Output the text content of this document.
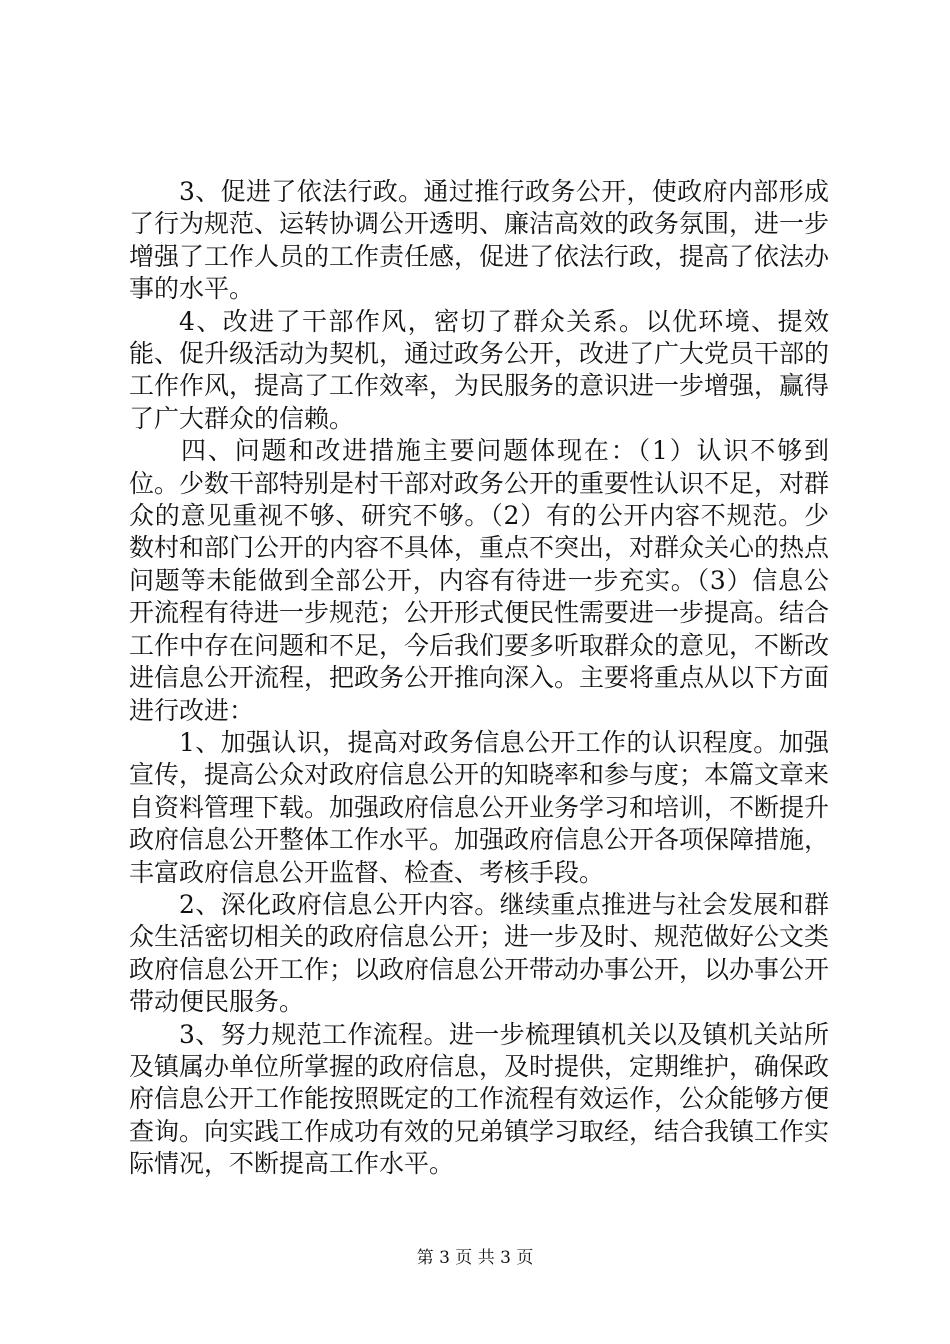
3、促进了依法行政。通过推行政务公开，使政府内部形成了行为规范、运转协调公开透明、廉洁高效的政务氛围，进一步增强了工作人员的工作责任感，促进了依法行政，提高了依法办事的水平。

4、改进了干部作风，密切了群众关系。以优环境、提效能、促升级活动为契机，通过政务公开，改进了广大党员干部的工作作风，提高了工作效率，为民服务的意识进一步增强，赢得了广大群众的信赖。

四、问题和改进措施主要问题体现在：（1）认识不够到位。少数干部特别是村干部对政务公开的重要性认识不足，对群众的意见重视不够、研究不够。（2）有的公开内容不规范。少数村和部门公开的内容不具体，重点不突出，对群众关心的热点问题等未能做到全部公开，内容有待进一步充实。（3）信息公开流程有待进一步规范；公开形式便民性需要进一步提高。结合工作中存在问题和不足，今后我们要多听取群众的意见，不断改进信息公开流程，把政务公开推向深入。主要将重点从以下方面进行改进：

1、加强认识，提高对政务信息公开工作的认识程度。加强宣传，提高公众对政府信息公开的知晓率和参与度；本篇文章来自资料管理下载。加强政府信息公开业务学习和培训，不断提升政府信息公开整体工作水平。加强政府信息公开各项保障措施，丰富政府信息公开监督、检查、考核手段。

2、深化政府信息公开内容。继续重点推进与社会发展和群众生活密切相关的政府信息公开；进一步及时、规范做好公文类政府信息公开工作；以政府信息公开带动办事公开，以办事公开带动便民服务。

3、努力规范工作流程。进一步梳理镇机关以及镇机关站所及镇属办单位所掌握的政府信息，及时提供，定期维护，确保政府信息公开工作能按照既定的工作流程有效运作，公众能够方便查询。向实践工作成功有效的兄弟镇学习取经，结合我镇工作实际情况，不断提高工作水平。

第 3 页 共 3 页
